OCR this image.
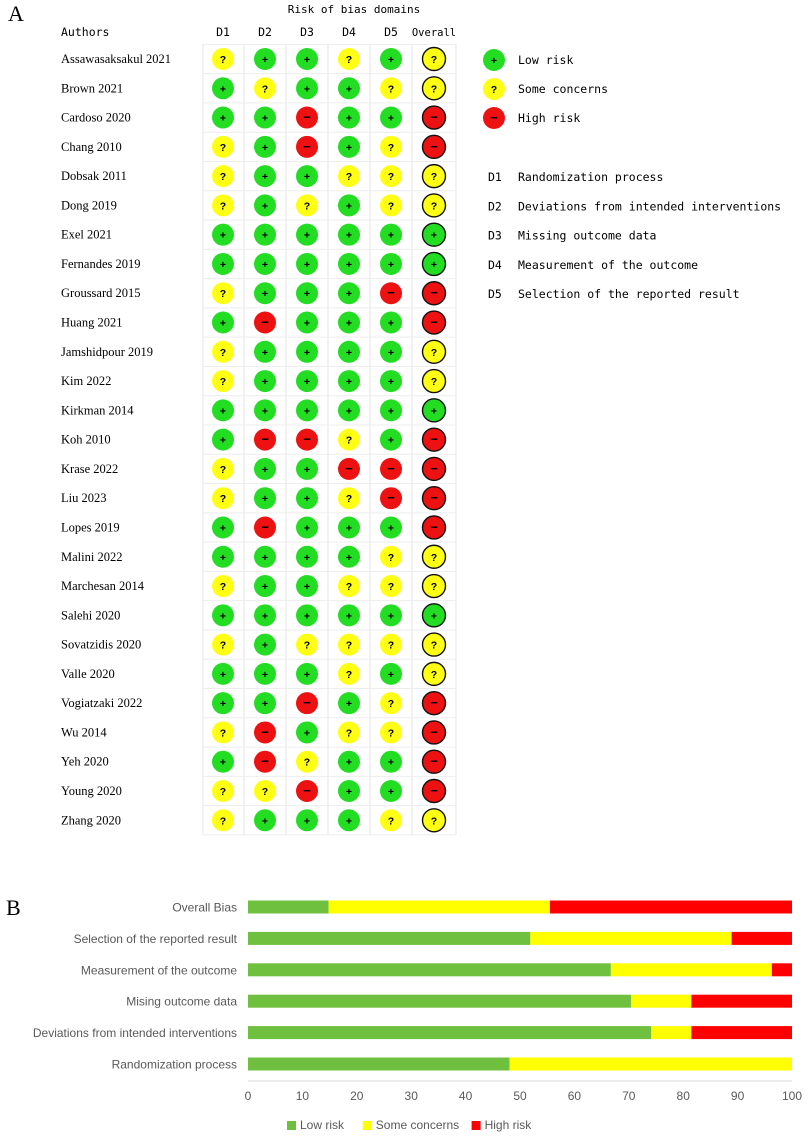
A	Risk of bias domains
Authors	D1 D2 D3 D4 D5 Overall
Assawasaksakul 2021	?	+	+	?	+	?
Brown 2021	+	?	+	+	?	?
Cardoso 2020	+	+	−	+	+	−
Chang 2010	?	+	−	+	?	−
Dobsak 2011	?	+	+	?	?	?
Dong 2019	?	+	?	+	?	?
Exel 2021	+	+	+	+	+	+
Fernandes 2019	+	+	+	+	+	+
Groussard 2015	?	+	+	+	−	−
Huang 2021	+	−	+	+	+	−
Jamshidpour 2019	?	+	+	+	+	?
Kim 2022	?	+	+	+	+	?
Kirkman 2014	+	+	+	+	+	+
Koh 2010	+	−	−	?	+	−
Krase 2022	?	+	+	−	−	−
Liu 2023	?	+	+	?	−	−
Lopes 2019	+	−	+	+	+	−
Malini 2022	+	+	+	+	?	?
Marchesan 2014	?	+	+	?	?	?
Salehi 2020	+	+	+	+	+	+
Sovatzidis 2020	?	+	?	?	?	?
Valle 2020	+	+	+	?	+	?
Vogiatzaki 2022	+	+	−	+	?	−
Wu 2014	?	−	+	?	?	−
Yeh 2020	+	−	?	+	+	−
Young 2020	?	?	−	+	+	−
Zhang 2020	?	+	+	+	?	?
+ Low risk
? Some concerns
− High risk
D1 Randomization process
D2 Deviations from intended interventions
D3 Missing outcome data
D4 Measurement of the outcome
D5 Selection of the reported result
B	Overall Bias
Selection of the reported result
Measurement of the outcome
Mising outcome data
Deviations from intended interventions
Randomization process
0	10	20	30	40	50	60	70	80	90	100
Low risk	Some concerns High risk
